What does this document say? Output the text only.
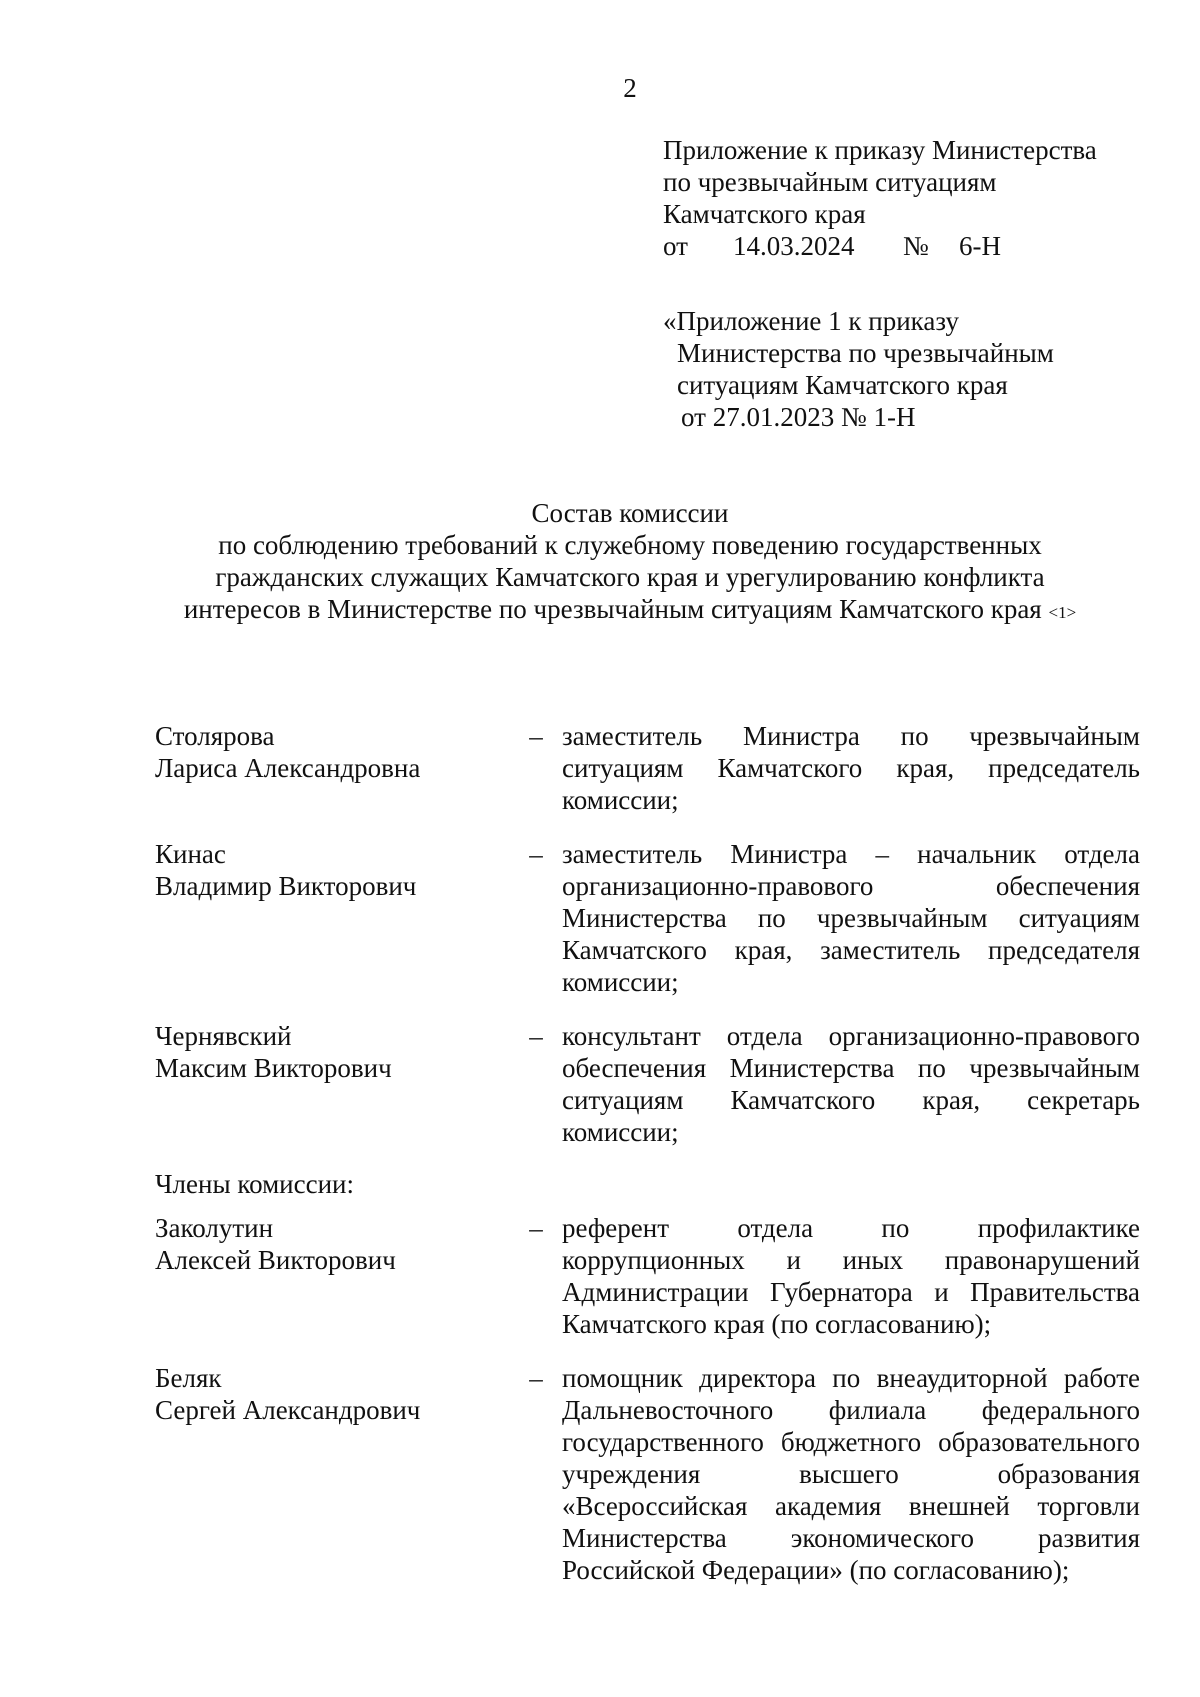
2
Приложение к приказу Министерства
по чрезвычайным ситуациям
Камчатского края
от 14.03.2024 № 6-Н
«Приложение 1 к приказу
Министерства по чрезвычайным
ситуациям Камчатского края
от 27.01.2023 № 1-Н
Состав комиссии
по соблюдению требований к служебному поведению государственных
гражданских служащих Камчатского края и урегулированию конфликта
интересов в Министерстве по чрезвычайным ситуациям Камчатского края <1>
Столярова
Лариса Александровна
– заместитель Министра по чрезвычайным ситуациям Камчатского края, председатель комиссии;
Кинас
Владимир Викторович
– заместитель Министра – начальник отдела организационно-правового обеспечения Министерства по чрезвычайным ситуациям Камчатского края, заместитель председателя комиссии;
Чернявский
Максим Викторович
– консультант отдела организационно-правового обеспечения Министерства по чрезвычайным ситуациям Камчатского края, секретарь комиссии;
Члены комиссии:
Заколутин
Алексей Викторович
– референт отдела по профилактике коррупционных и иных правонарушений Администрации Губернатора и Правительства Камчатского края (по согласованию);
Беляк
Сергей Александрович
– помощник директора по внеаудиторной работе Дальневосточного филиала федерального государственного бюджетного образовательного учреждения высшего образования «Всероссийская академия внешней торговли Министерства экономического развития Российской Федерации» (по согласованию);
